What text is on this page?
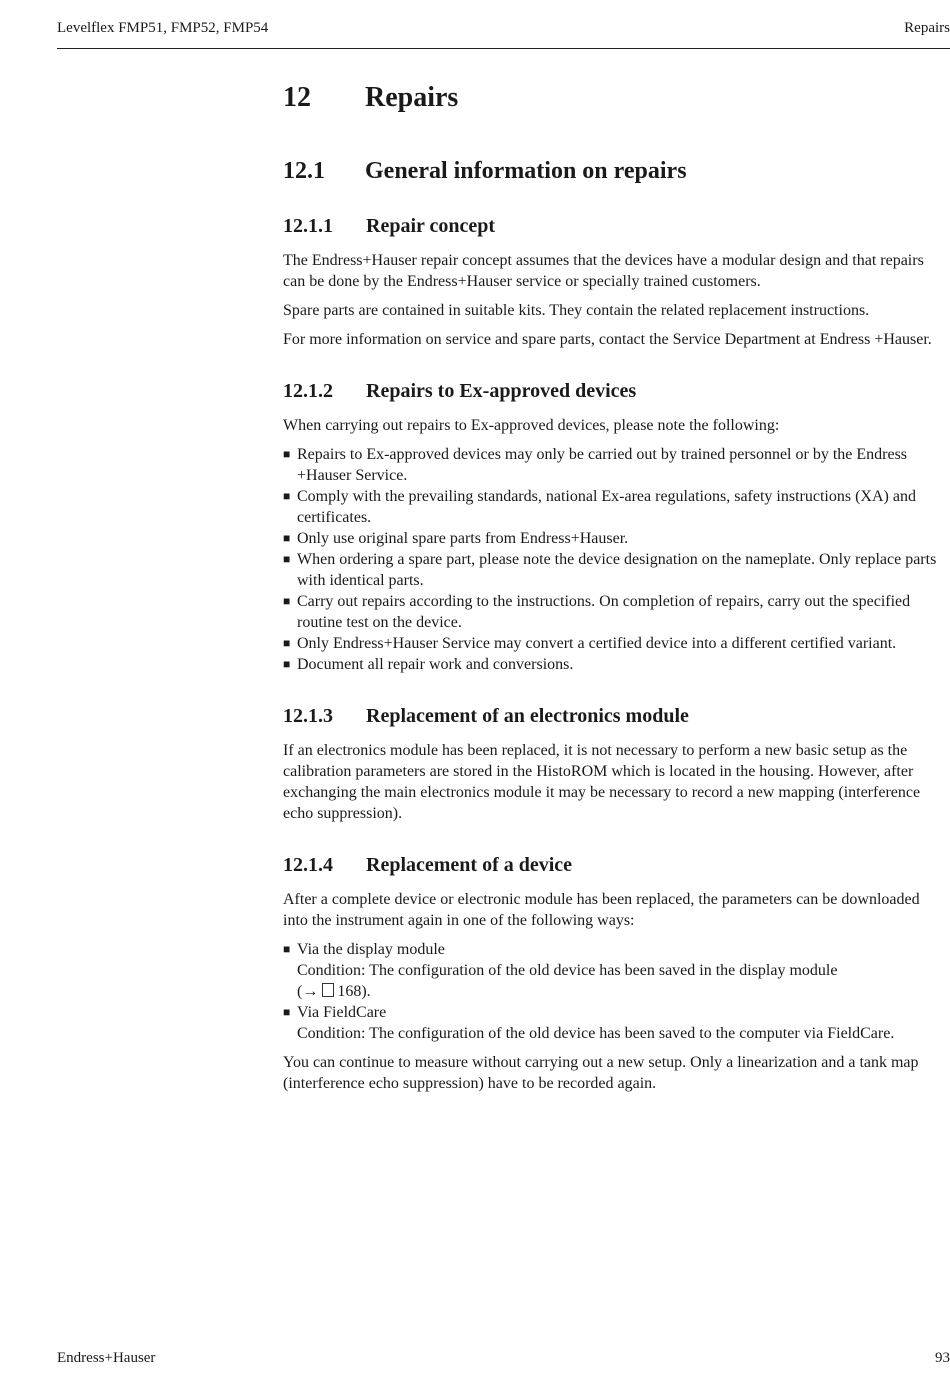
Levelflex FMP51, FMP52, FMP54	Repairs
12 Repairs
12.1 General information on repairs
12.1.1 Repair concept

The Endress+Hauser repair concept assumes that the devices have a modular design and that repairs can be done by the Endress+Hauser service or specially trained customers.

Spare parts are contained in suitable kits. They contain the related replacement instructions.

For more information on service and spare parts, contact the Service Department at Endress +Hauser.

12.1.2 Repairs to Ex-approved devices

When carrying out repairs to Ex-approved devices, please note the following:

■ Repairs to Ex-approved devices may only be carried out by trained personnel or by the Endress +Hauser Service.
■ Comply with the prevailing standards, national Ex-area regulations, safety instructions (XA) and certificates.
■ Only use original spare parts from Endress+Hauser.
■ When ordering a spare part, please note the device designation on the nameplate. Only replace parts with identical parts.
■ Carry out repairs according to the instructions. On completion of repairs, carry out the specified routine test on the device.
■ Only Endress+Hauser Service may convert a certified device into a different certified variant.
■ Document all repair work and conversions.
12.1.3 Replacement of an electronics module

If an electronics module has been replaced, it is not necessary to perform a new basic setup as the calibration parameters are stored in the HistoROM which is located in the housing. However, after exchanging the main electronics module it may be necessary to record a new mapping (interference echo suppression).

12.1.4 Replacement of a device

After a complete device or electronic module has been replaced, the parameters can be downloaded into the instrument again in one of the following ways:

■ Via the display module
Condition: The configuration of the old device has been saved in the display module
(→ 168).
■ Via FieldCare
Condition: The configuration of the old device has been saved to the computer via FieldCare.

You can continue to measure without carrying out a new setup. Only a linearization and a tank map (interference echo suppression) have to be recorded again.

Endress+Hauser	93
